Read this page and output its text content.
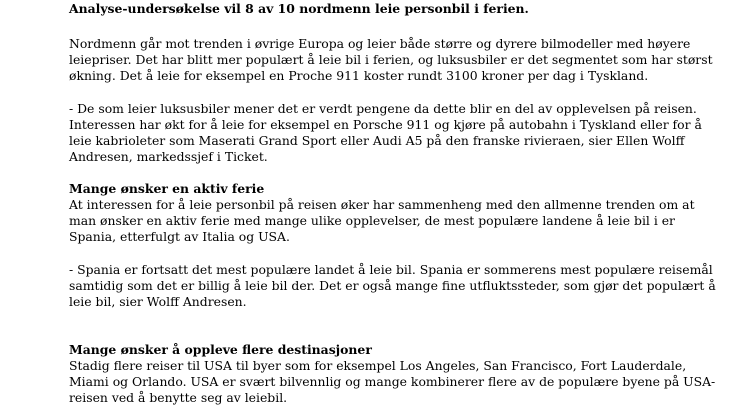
Analyse-undersøkelse vil 8 av 10 nordmenn leie personbil i ferien.

Nordmenn går mot trenden i øvrige Europa og leier både større og dyrere bilmodeller med høyere leiepriser. Det har blitt mer populært å leie bil i ferien, og luksusbiler er det segmentet som har størst økning. Det å leie for eksempel en Proche 911 koster rundt 3100 kroner per dag i Tyskland.

- De som leier luksusbiler mener det er verdt pengene da dette blir en del av opplevelsen på reisen. Interessen har økt for å leie for eksempel en Porsche 911 og kjøre på autobahn i Tyskland eller for å leie kabrioleter som Maserati Grand Sport eller Audi A5 på den franske rivieraen, sier Ellen Wolff Andresen, markedssjef i Ticket.

Mange ønsker en aktiv ferie

At interessen for å leie personbil på reisen øker har sammenheng med den allmenne trenden om at man ønsker en aktiv ferie med mange ulike opplevelser, de mest populære landene å leie bil i er Spania, etterfulgt av Italia og USA.

- Spania er fortsatt det mest populære landet å leie bil. Spania er sommerens mest populære reisemål samtidig som det er billig å leie bil der. Det er også mange fine utfluktssteder, som gjør det populært å leie bil, sier Wolff Andresen.

Mange ønsker å oppleve flere destinasjoner

Stadig flere reiser til USA til byer som for eksempel Los Angeles, San Francisco, Fort Lauderdale, Miami og Orlando. USA er svært bilvennlig og mange kombinerer flere av de populære byene på USA-reisen ved å benytte seg av leiebil.
